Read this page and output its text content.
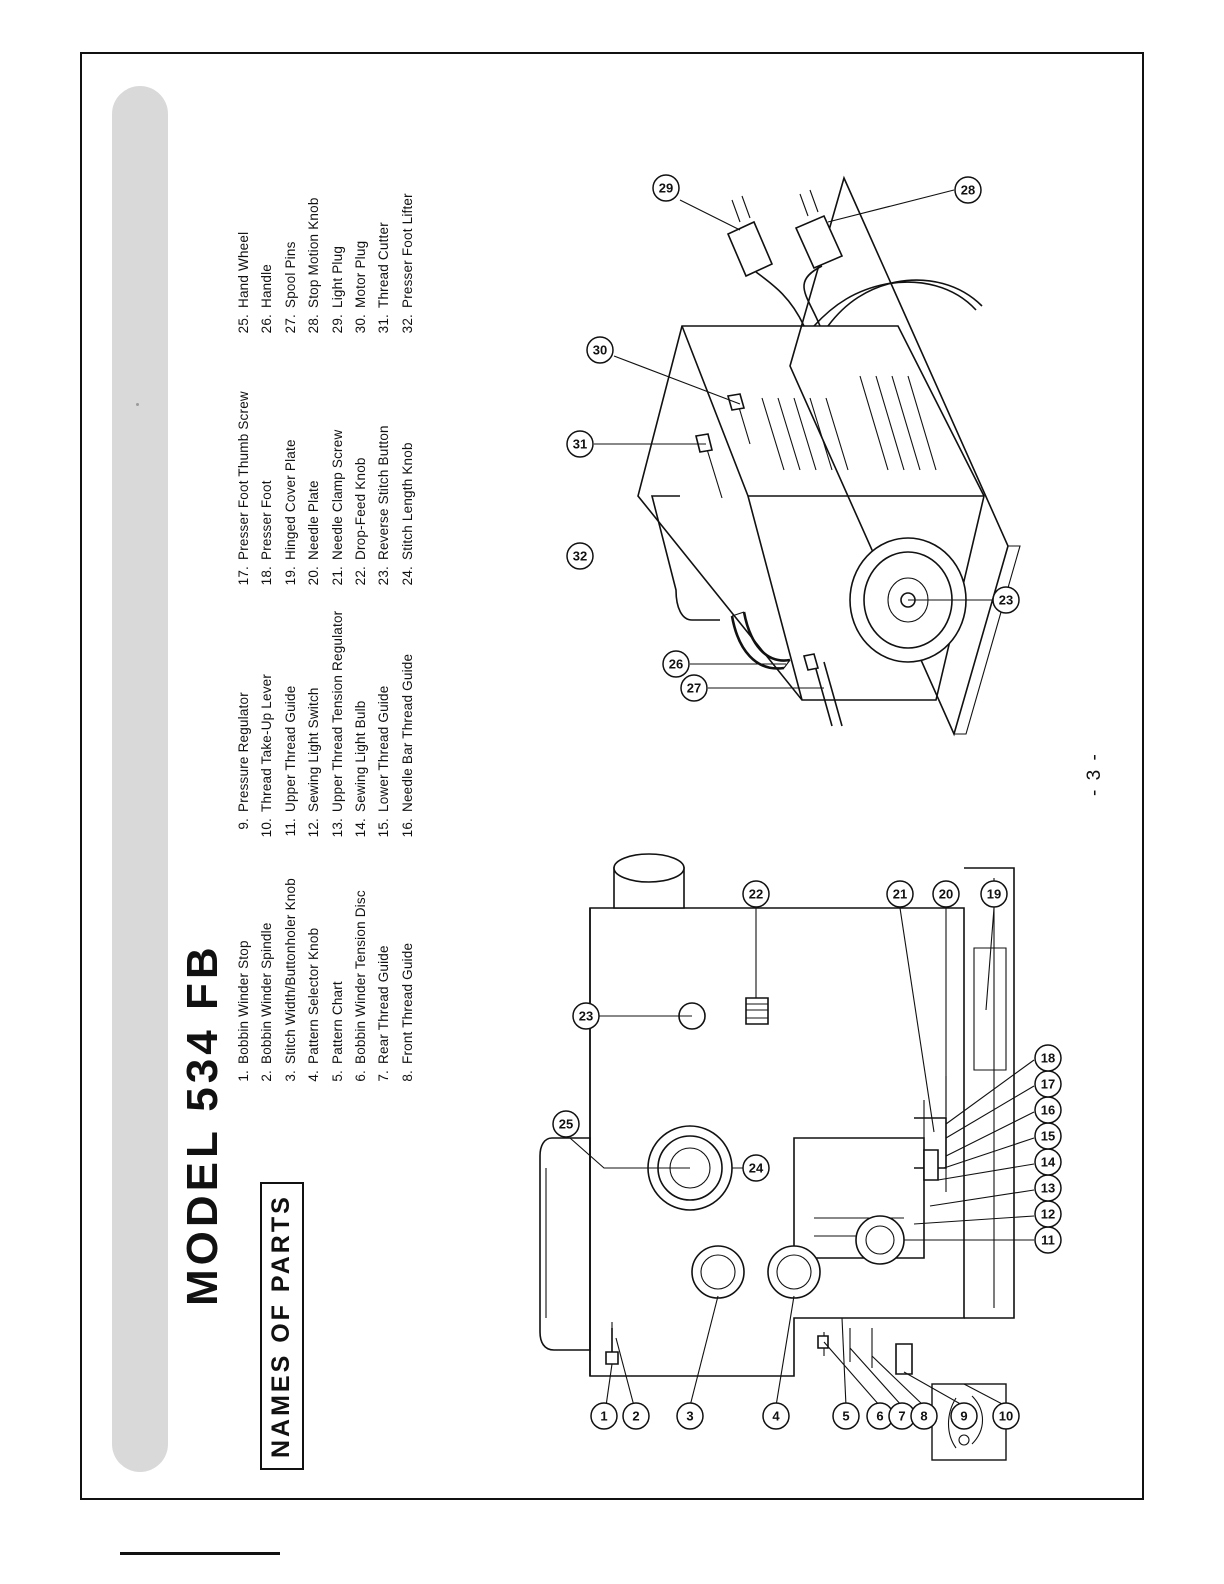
MODEL 534 FB
NAMES OF PARTS
- 3 -
1.Bobbin Winder Stop
2.Bobbin Winder Spindle
3.Stitch Width/Buttonholer Knob
4.Pattern Selector Knob
5.Pattern Chart
6.Bobbin Winder Tension Disc
7.Rear Thread Guide
8.Front Thread Guide
9.Pressure Regulator
10.Thread Take-Up Lever
11.Upper Thread Guide
12.Sewing Light Switch
13.Upper Thread Tension Regulator
14.Sewing Light Bulb
15.Lower Thread Guide
16.Needle Bar Thread Guide
17.Presser Foot Thumb Screw
18.Presser Foot
19.Hinged Cover Plate
20.Needle Plate
21.Needle Clamp Screw
22.Drop-Feed Knob
23.Reverse Stitch Button
24.Stitch Length Knob
25.Hand Wheel
26.Handle
27.Spool Pins
28.Stop Motion Knob
29.Light Plug
30.Motor Plug
31.Thread Cutter
32.Presser Foot Lifter
1 2	3	4	5 6 7 8	9 10
11
12
13
14
15
16
17
18
19
20
21
22
23
24
25
23
26
27
28
29
30
31
32
